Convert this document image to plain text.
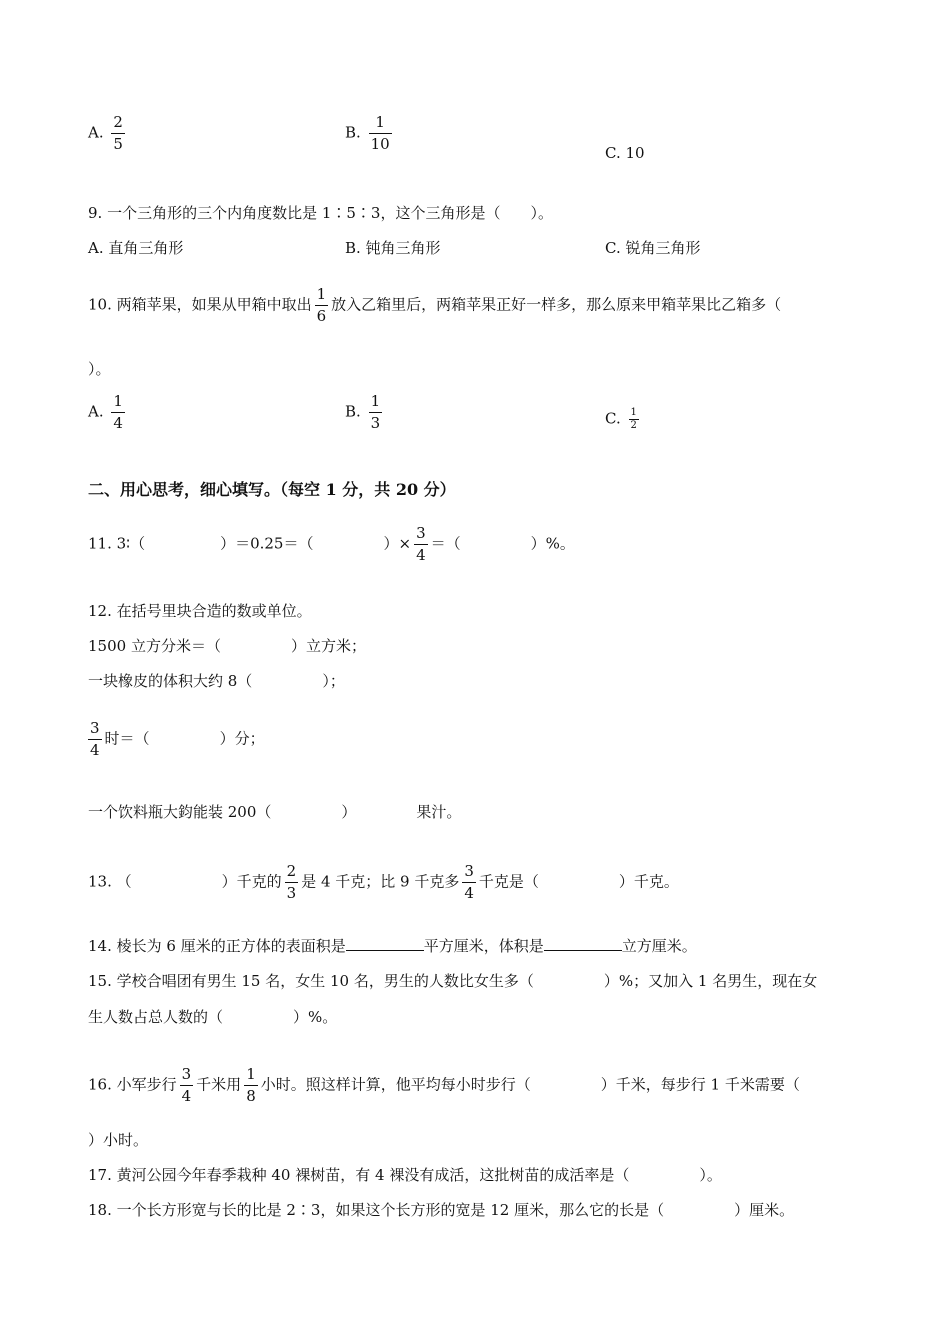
A. $\frac{2}{5}$	B. $\frac{1}{10}$
C. 10
9. 一个三角形的三个内角度数比是 1∶5∶3，这个三角形是（　　）。
A. 直角三角形	B. 钝角三角形	C. 锐角三角形
10. 两箱苹果，如果从甲箱中取出 $\frac{1}{6}$ 放入乙箱里后，两箱苹果正好一样多，那么原来甲箱苹果比乙箱多（
）。
A. $\frac{1}{4}$	B. $\frac{1}{3}$	C. $\frac{1}{2}$
二、用心思考，细心填写。（每空 1 分，共 20 分）
11. 3∶（	）＝0.25＝（	）× $\frac{3}{4}$ ＝（	）%。
12. 在括号里块合造的数或单位。
1500 立方分米＝（	）立方米；
一块橡皮的体积大约 8（	）；
$\frac{3}{4}$ 时＝（	）分；
一个饮料瓶大鈞能装 200（	）	果汁。
13. （	）千克的 $\frac{2}{3}$ 是 4 千克；比 9 千克多 $\frac{3}{4}$ 千克是（	）千克。
14. 棱长为 6 厘米的正方体的表面积是	平方厘米，体积是	立方厘米。
15. 学校合唱团有男生 15 名，女生 10 名，男生的人数比女生多（	）%；又加入 1 名男生，现在女
生人数占总人数的（	）%。
16. 小军步行 $\frac{3}{4}$ 千米用 $\frac{1}{8}$ 小时。照这样计算，他平均每小时步行（	）千米，每步行 1 千米需要（
）小时。
17. 黄河公园今年春季栽种 40 裸树苗，有 4 裸没有成活，这批树苗的成活率是（	）。
18. 一个长方形宽与长的比是 2∶3，如果这个长方形的宽是 12 厘米，那么它的长是（	）厘米。
